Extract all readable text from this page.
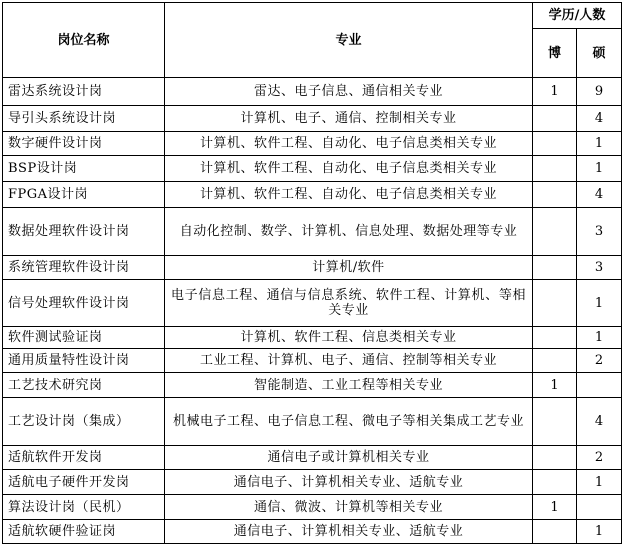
岗位名称	专业	学历/人数	
		博	硕
雷达系统设计岗	雷达、电子信息、通信相关专业	1	9
导引头系统设计岗	计算机、电子、通信、控制相关专业		4
数字硬件设计岗	计算机、软件工程、自动化、电子信息类相关专业		1
BSP设计岗	计算机、软件工程、自动化、电子信息类相关专业		1
FPGA设计岗	计算机、软件工程、自动化、电子信息类相关专业		4
数据处理软件设计岗	自动化控制、数学、计算机、信息处理、数据处理等专业		3
系统管理软件设计岗	计算机/软件		3
信号处理软件设计岗	电子信息工程、通信与信息系统、软件工程、计算机、等相关专业		1
软件测试验证岗	计算机、软件工程、信息类相关专业		1
通用质量特性设计岗	工业工程、计算机、电子、通信、控制等相关专业		2
工艺技术研究岗	智能制造、工业工程等相关专业	1	
工艺设计岗（集成）	机械电子工程、电子信息工程、微电子等相关集成工艺专业		4
适航软件开发岗	通信电子或计算机相关专业		2
适航电子硬件开发岗	通信电子、计算机相关专业、适航专业		1
算法设计岗（民机）	通信、微波、计算机等相关专业	1	
适航软硬件验证岗	通信电子、计算机相关专业、适航专业		1
